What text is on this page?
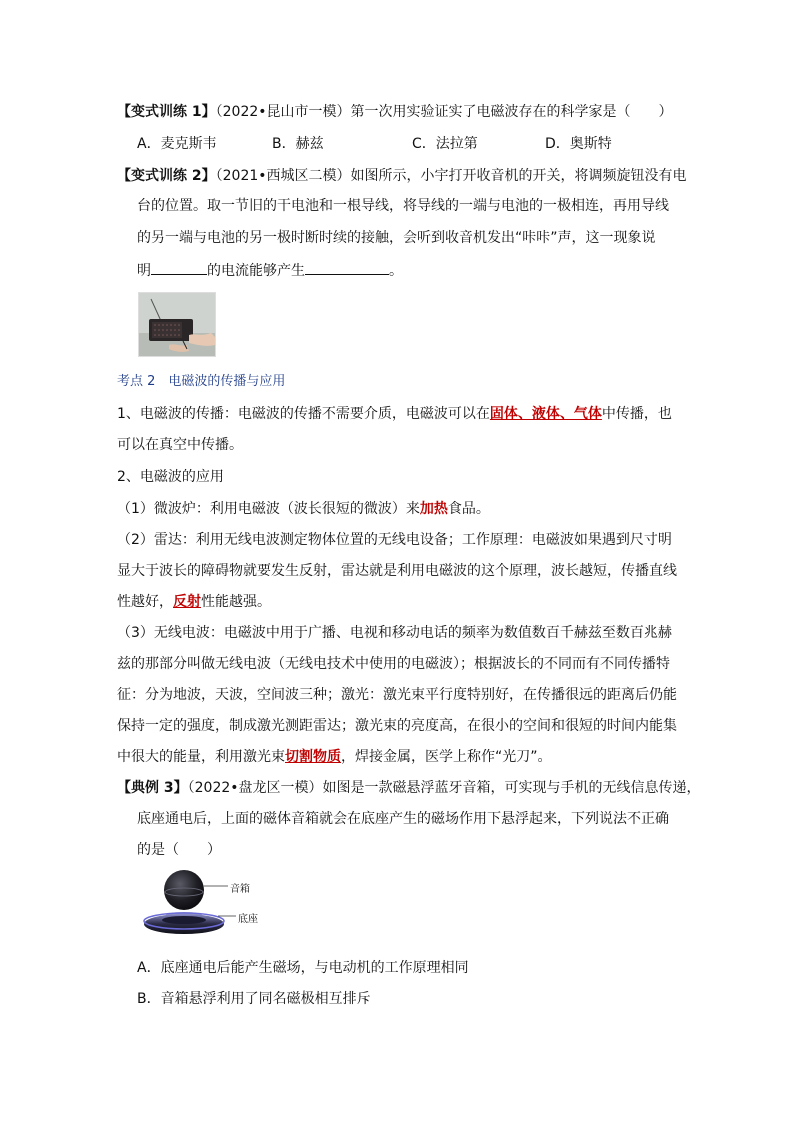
【变式训练 1】（2022•昆山市一模）第一次用实验证实了电磁波存在的科学家是（　　）
A．麦克斯韦	B．赫兹	C．法拉第	D．奥斯特
【变式训练 2】（2021•西城区二模）如图所示，小宇打开收音机的开关，将调频旋钮没有电
台的位置。取一节旧的干电池和一根导线，将导线的一端与电池的一极相连，再用导线
的另一端与电池的另一极时断时续的接触，会听到收音机发出“咔咔”声，这一现象说
明	的电流能够产生	。
考点 2　电磁波的传播与应用
1、电磁波的传播：电磁波的传播不需要介质，电磁波可以在固体、液体、气体中传播，也
可以在真空中传播。
2、电磁波的应用
（1）微波炉：利用电磁波（波长很短的微波）来加热食品。
（2）雷达：利用无线电波测定物体位置的无线电设备；工作原理：电磁波如果遇到尺寸明
显大于波长的障碍物就要发生反射，雷达就是利用电磁波的这个原理，波长越短，传播直线
性越好，反射性能越强。
（3）无线电波：电磁波中用于广播、电视和移动电话的频率为数值数百千赫兹至数百兆赫
兹的那部分叫做无线电波（无线电技术中使用的电磁波）；根据波长的不同而有不同传播特
征：分为地波，天波，空间波三种；激光：激光束平行度特别好，在传播很远的距离后仍能
保持一定的强度，制成激光测距雷达；激光束的亮度高，在很小的空间和很短的时间内能集
中很大的能量，利用激光束切割物质，焊接金属，医学上称作“光刀”。
【典例 3】（2022•盘龙区一模）如图是一款磁悬浮蓝牙音箱，可实现与手机的无线信息传递，
底座通电后，上面的磁体音箱就会在底座产生的磁场作用下悬浮起来，下列说法不正确
的是（　　）
音箱
底座
A．底座通电后能产生磁场，与电动机的工作原理相同
B．音箱悬浮利用了同名磁极相互排斥
